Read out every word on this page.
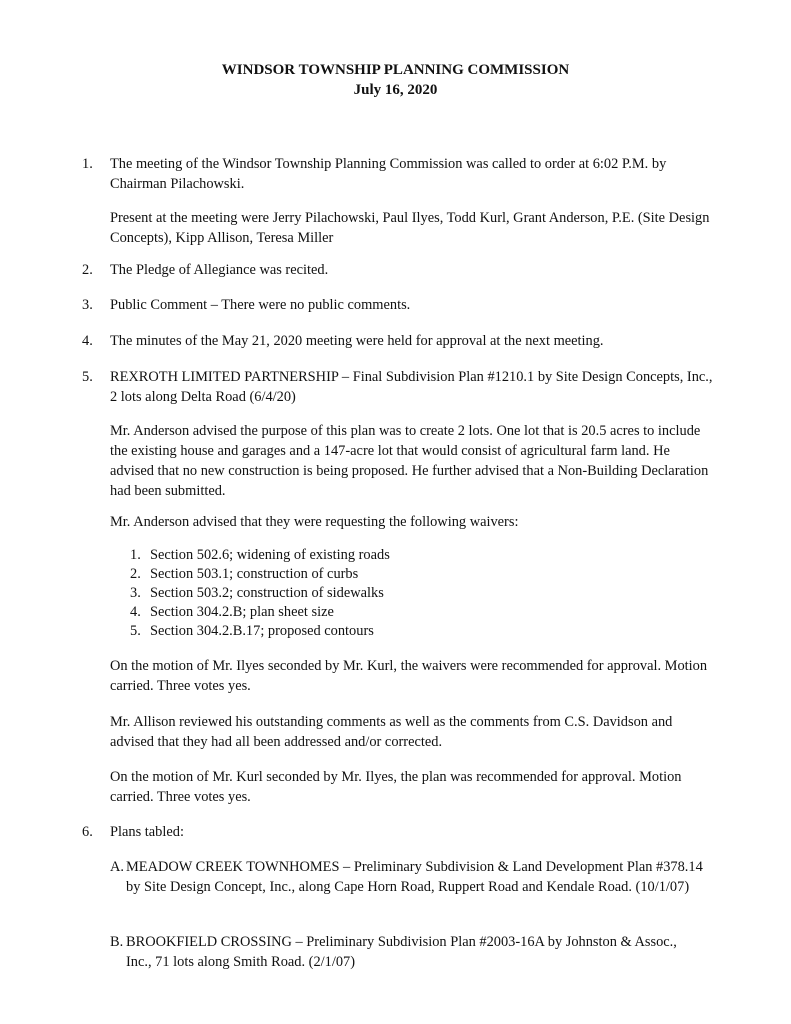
WINDSOR TOWNSHIP PLANNING COMMISSION
July 16, 2020
1. The meeting of the Windsor Township Planning Commission was called to order at 6:02 P.M. by Chairman Pilachowski.

Present at the meeting were Jerry Pilachowski, Paul Ilyes, Todd Kurl, Grant Anderson, P.E. (Site Design Concepts), Kipp Allison, Teresa Miller

2. The Pledge of Allegiance was recited.

3. Public Comment – There were no public comments.

4. The minutes of the May 21, 2020 meeting were held for approval at the next meeting.

5. REXROTH LIMITED PARTNERSHIP – Final Subdivision Plan #1210.1 by Site Design Concepts, Inc., 2 lots along Delta Road (6/4/20)

Mr. Anderson advised the purpose of this plan was to create 2 lots. One lot that is 20.5 acres to include the existing house and garages and a 147-acre lot that would consist of agricultural farm land. He advised that no new construction is being proposed. He further advised that a Non-Building Declaration had been submitted.

Mr. Anderson advised that they were requesting the following waivers:

1. Section 502.6; widening of existing roads
2. Section 503.1; construction of curbs
3. Section 503.2; construction of sidewalks
4. Section 304.2.B; plan sheet size
5. Section 304.2.B.17; proposed contours

On the motion of Mr. Ilyes seconded by Mr. Kurl, the waivers were recommended for approval. Motion carried. Three votes yes.

Mr. Allison reviewed his outstanding comments as well as the comments from C.S. Davidson and advised that they had all been addressed and/or corrected.

On the motion of Mr. Kurl seconded by Mr. Ilyes, the plan was recommended for approval. Motion carried. Three votes yes.

6. Plans tabled:

A. MEADOW CREEK TOWNHOMES – Preliminary Subdivision & Land Development Plan #378.14 by Site Design Concept, Inc., along Cape Horn Road, Ruppert Road and Kendale Road. (10/1/07)

B. BROOKFIELD CROSSING – Preliminary Subdivision Plan #2003-16A by Johnston & Assoc., Inc., 71 lots along Smith Road. (2/1/07)
